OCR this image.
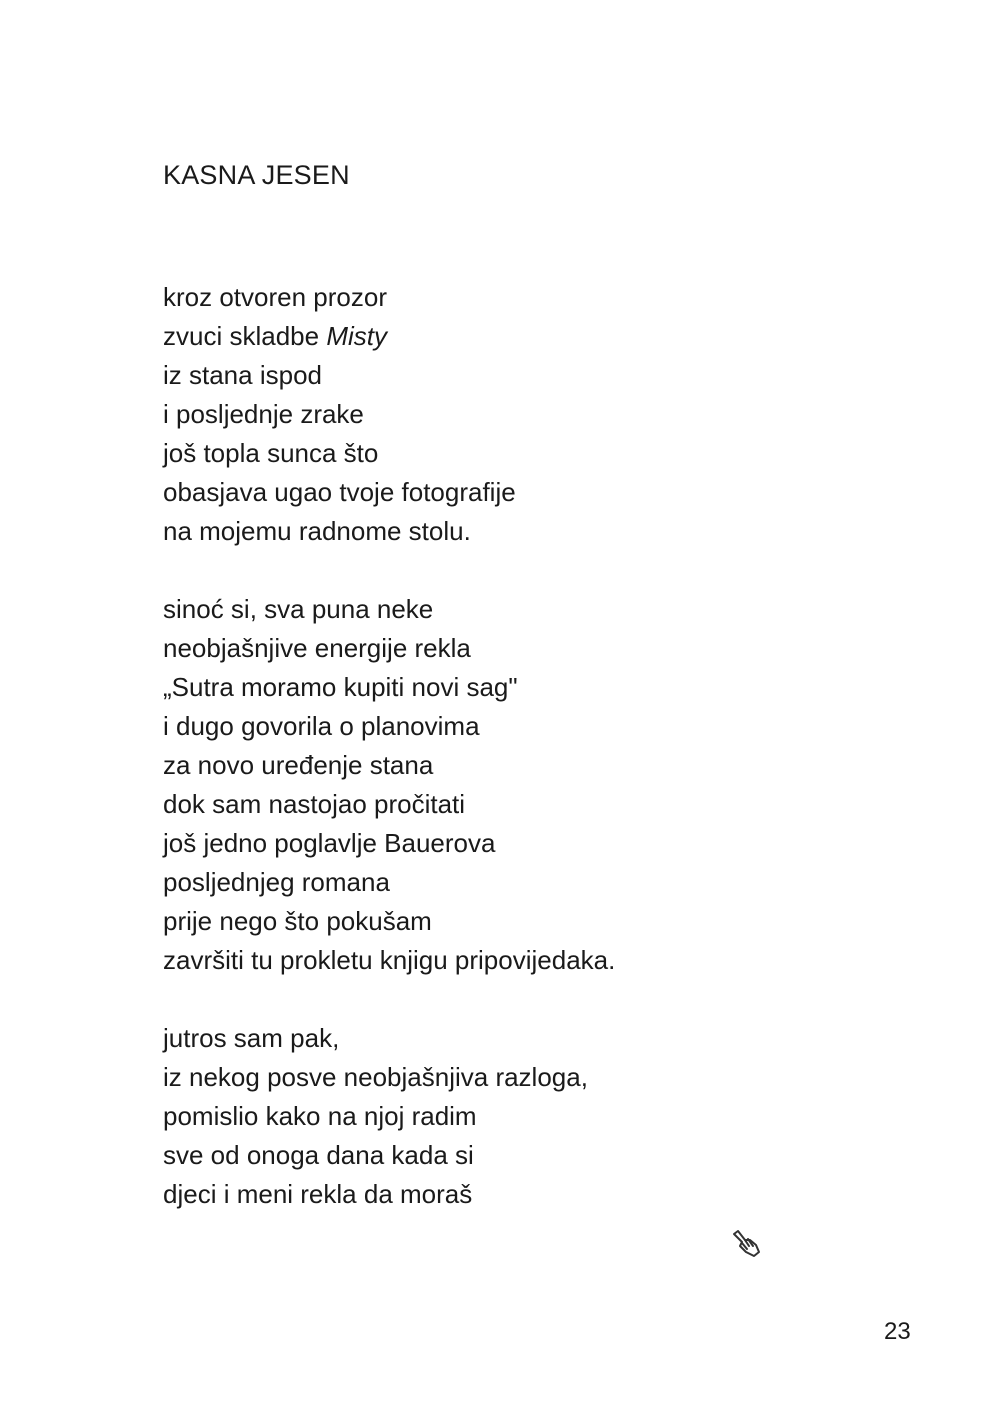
KASNA JESEN

kroz otvoren prozor
zvuci skladbe Misty
iz stana ispod
i posljednje zrake
još topla sunca što
obasjava ugao tvoje fotografije
na mojemu radnome stolu.

sinoć si, sva puna neke
neobjašnjive energije rekla
„Sutra moramo kupiti novi sag"
i dugo govorila o planovima
za novo uređenje stana
dok sam nastojao pročitati
još jedno poglavlje Bauerova
posljednjeg romana
prije nego što pokušam
završiti tu prokletu knjigu pripovijedaka.

jutros sam pak,
iz nekog posve neobjašnjiva razloga,
pomislio kako na njoj radim
sve od onoga dana kada si
djeci i meni rekla da moraš

23
